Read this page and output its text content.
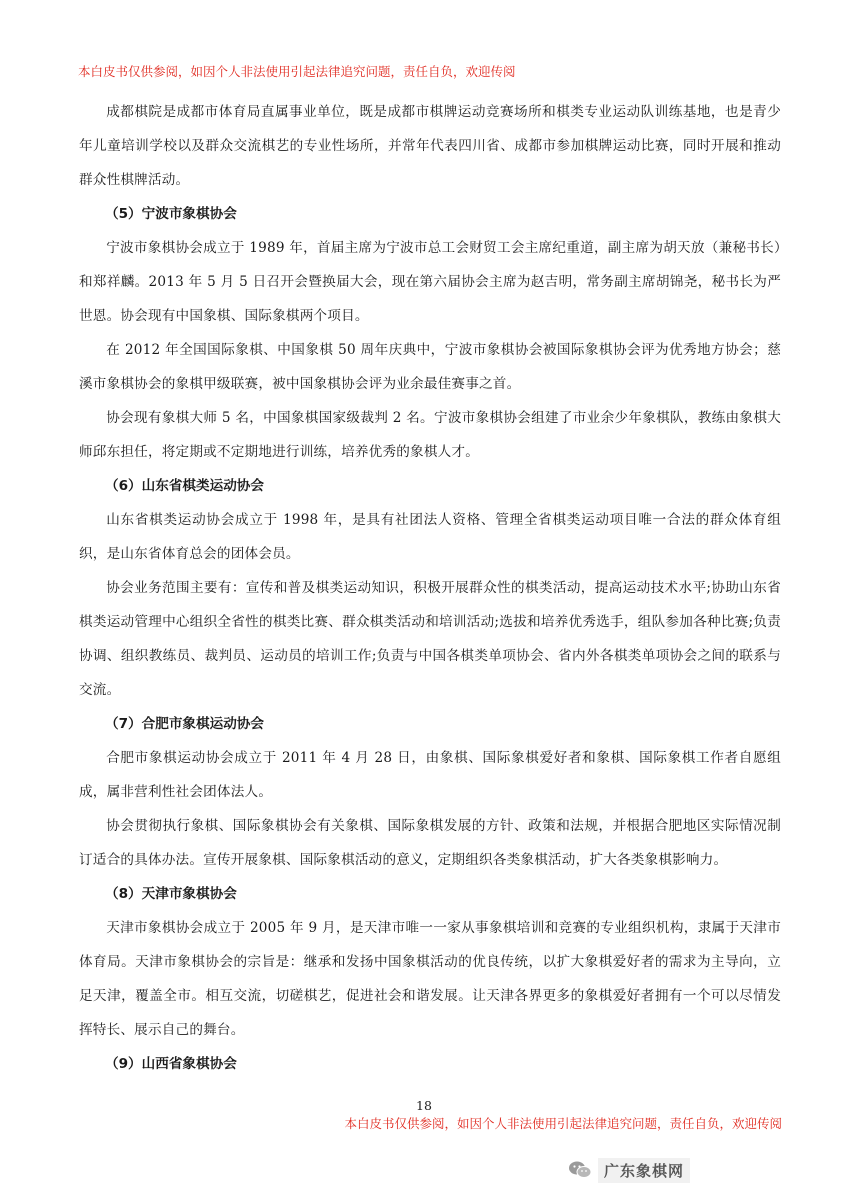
本白皮书仅供参阅，如因个人非法使用引起法律追究问题，责任自负，欢迎传阅

成都棋院是成都市体育局直属事业单位，既是成都市棋牌运动竞赛场所和棋类专业运动队训练基地，也是青少年儿童培训学校以及群众交流棋艺的专业性场所，并常年代表四川省、成都市参加棋牌运动比赛，同时开展和推动群众性棋牌活动。

（5）宁波市象棋协会

宁波市象棋协会成立于 1989 年，首届主席为宁波市总工会财贸工会主席纪重道，副主席为胡天放（兼秘书长）和郑祥麟。2013 年 5 月 5 日召开会暨换届大会，现在第六届协会主席为赵吉明，常务副主席胡锦尧，秘书长为严世恩。协会现有中国象棋、国际象棋两个项目。

在 2012 年全国国际象棋、中国象棋 50 周年庆典中，宁波市象棋协会被国际象棋协会评为优秀地方协会；慈溪市象棋协会的象棋甲级联赛，被中国象棋协会评为业余最佳赛事之首。

协会现有象棋大师 5 名，中国象棋国家级裁判 2 名。宁波市象棋协会组建了市业余少年象棋队，教练由象棋大师邱东担任，将定期或不定期地进行训练，培养优秀的象棋人才。

（6）山东省棋类运动协会

山东省棋类运动协会成立于 1998 年，是具有社团法人资格、管理全省棋类运动项目唯一合法的群众体育组织，是山东省体育总会的团体会员。

协会业务范围主要有：宣传和普及棋类运动知识，积极开展群众性的棋类活动，提高运动技术水平;协助山东省棋类运动管理中心组织全省性的棋类比赛、群众棋类活动和培训活动;选拔和培养优秀选手，组队参加各种比赛;负责协调、组织教练员、裁判员、运动员的培训工作;负责与中国各棋类单项协会、省内外各棋类单项协会之间的联系与交流。

（7）合肥市象棋运动协会

合肥市象棋运动协会成立于 2011 年 4 月 28 日，由象棋、国际象棋爱好者和象棋、国际象棋工作者自愿组成，属非营利性社会团体法人。

协会贯彻执行象棋、国际象棋协会有关象棋、国际象棋发展的方针、政策和法规，并根据合肥地区实际情况制订适合的具体办法。宣传开展象棋、国际象棋活动的意义，定期组织各类象棋活动，扩大各类象棋影响力。

（8）天津市象棋协会

天津市象棋协会成立于 2005 年 9 月，是天津市唯一一家从事象棋培训和竞赛的专业组织机构，隶属于天津市体育局。天津市象棋协会的宗旨是：继承和发扬中国象棋活动的优良传统，以扩大象棋爱好者的需求为主导向，立足天津，覆盖全市。相互交流，切磋棋艺，促进社会和谐发展。让天津各界更多的象棋爱好者拥有一个可以尽情发挥特长、展示自己的舞台。

（9）山西省象棋协会

18
本白皮书仅供参阅，如因个人非法使用引起法律追究问题，责任自负，欢迎传阅
广东象棋网
